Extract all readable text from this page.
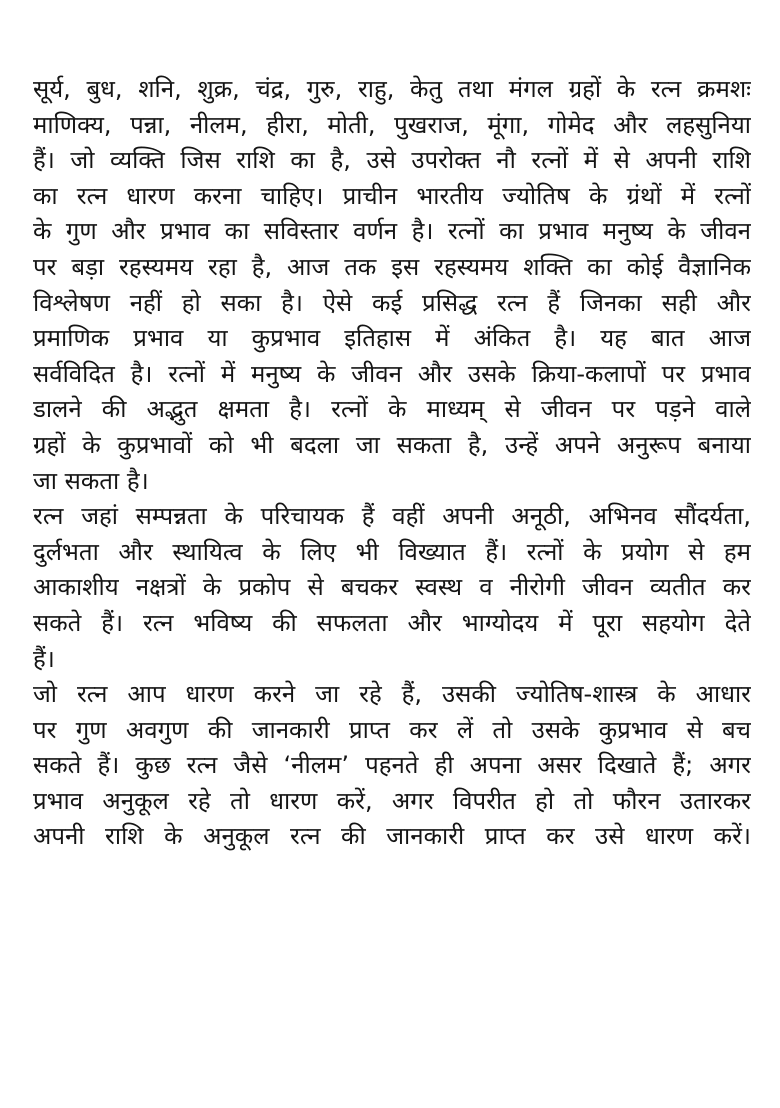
सूर्य, बुध, शनि, शुक्र, चंद्र, गुरु, राहु, केतु तथा मंगल ग्रहों के रत्न क्रमशः
माणिक्य, पन्ना, नीलम, हीरा, मोती, पुखराज, मूंगा, गोमेद और लहसुनिया
हैं। जो व्यक्ति जिस राशि का है, उसे उपरोक्त नौ रत्नों में से अपनी राशि
का रत्न धारण करना चाहिए। प्राचीन भारतीय ज्योतिष के ग्रंथों में रत्नों
के गुण और प्रभाव का सविस्तार वर्णन है। रत्नों का प्रभाव मनुष्य के जीवन
पर बड़ा रहस्यमय रहा है, आज तक इस रहस्यमय शक्ति का कोई वैज्ञानिक
विश्लेषण नहीं हो सका है। ऐसे कई प्रसिद्ध रत्न हैं जिनका सही और
प्रमाणिक प्रभाव या कुप्रभाव इतिहास में अंकित है। यह बात आज
सर्वविदित है। रत्नों में मनुष्य के जीवन और उसके क्रिया-कलापों पर प्रभाव
डालने की अद्भुत क्षमता है। रत्नों के माध्यम् से जीवन पर पड़ने वाले
ग्रहों के कुप्रभावों को भी बदला जा सकता है, उन्हें अपने अनुरूप बनाया
जा सकता है।
रत्न जहां सम्पन्नता के परिचायक हैं वहीं अपनी अनूठी, अभिनव सौंदर्यता,
दुर्लभता और स्थायित्व के लिए भी विख्यात हैं। रत्नों के प्रयोग से हम
आकाशीय नक्षत्रों के प्रकोप से बचकर स्वस्थ व नीरोगी जीवन व्यतीत कर
सकते हैं। रत्न भविष्य की सफलता और भाग्योदय में पूरा सहयोग देते
हैं।
जो रत्न आप धारण करने जा रहे हैं, उसकी ज्योतिष-शास्त्र के आधार
पर गुण अवगुण की जानकारी प्राप्त कर लें तो उसके कुप्रभाव से बच
सकते हैं। कुछ रत्न जैसे ‘नीलम’ पहनते ही अपना असर दिखाते हैं; अगर
प्रभाव अनुकूल रहे तो धारण करें, अगर विपरीत हो तो फौरन उतारकर
अपनी राशि के अनुकूल रत्न की जानकारी प्राप्त कर उसे धारण करें।
